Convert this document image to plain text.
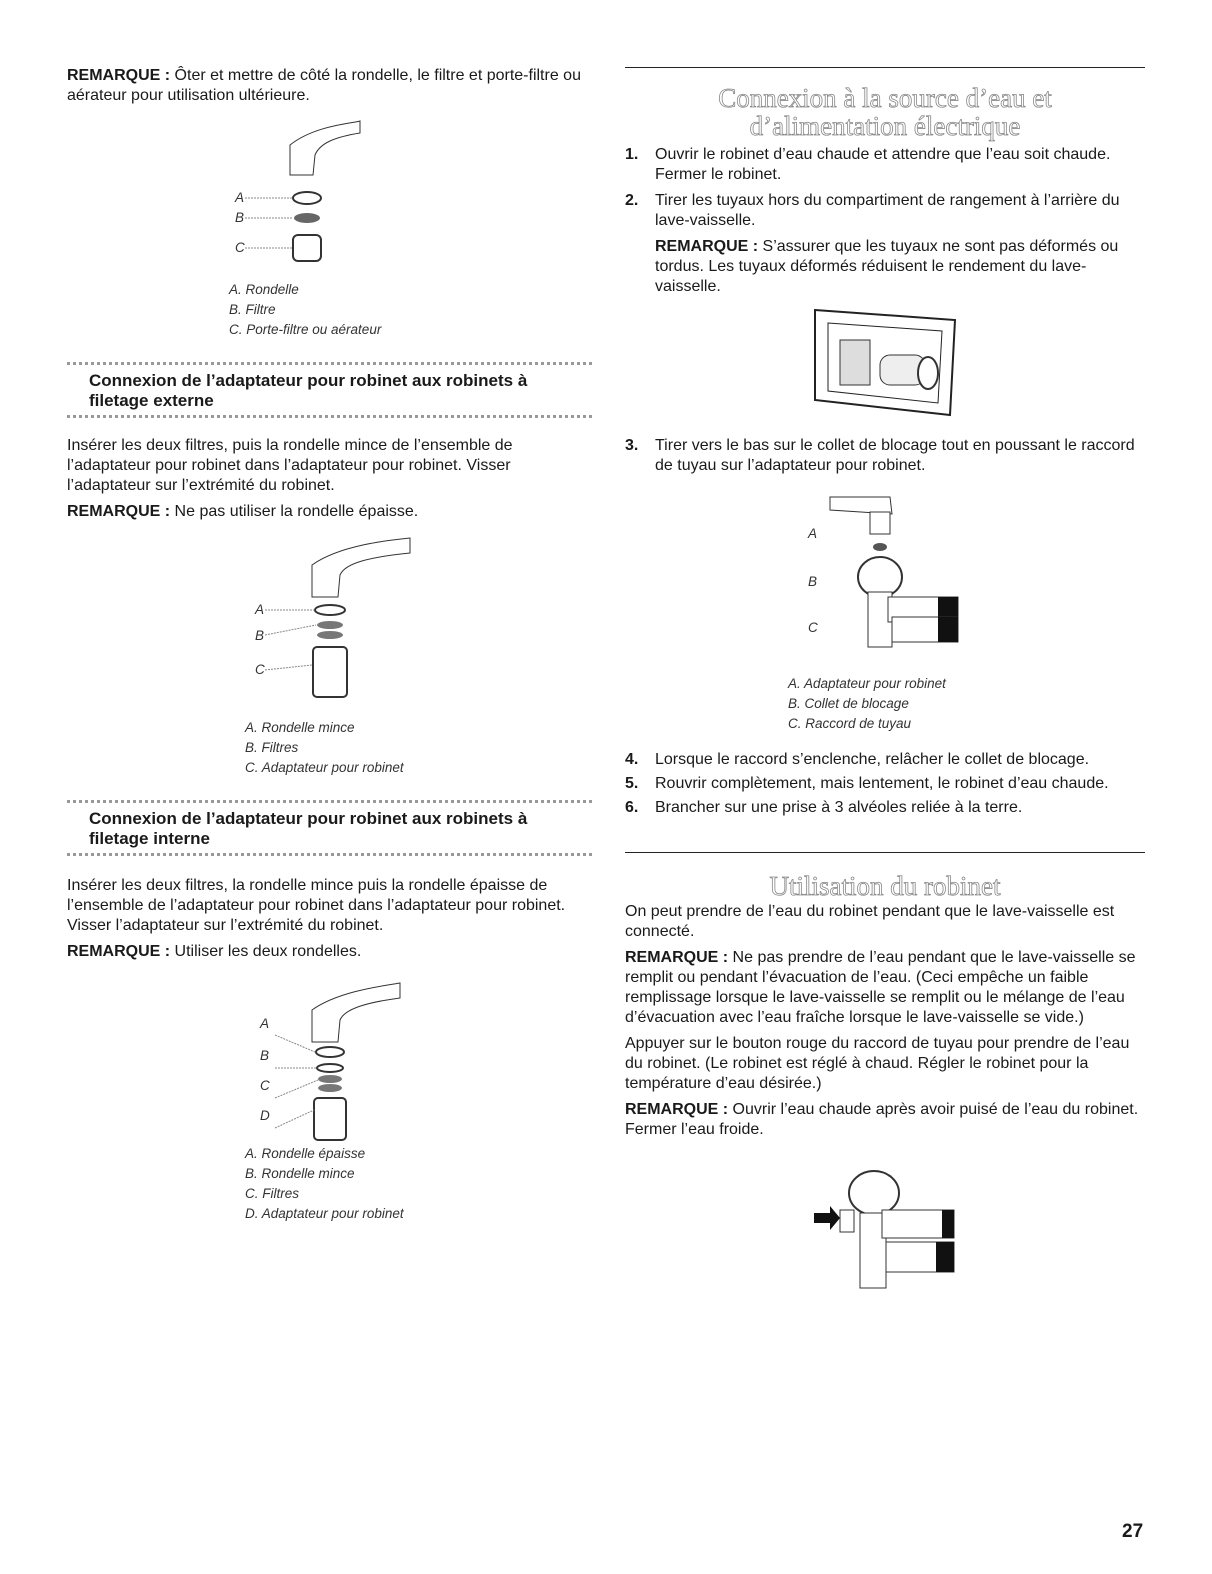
REMARQUE : Ôter et mettre de côté la rondelle, le filtre et porte-filtre ou aérateur pour utilisation ultérieure.

A
B
C
A. Rondelle
B. Filtre
C. Porte-filtre ou aérateur
Connexion de l’adaptateur pour robinet aux robinets à filetage externe

Insérer les deux filtres, puis la rondelle mince de l’ensemble de l’adaptateur pour robinet dans l’adaptateur pour robinet. Visser l’adaptateur sur l’extrémité du robinet.

REMARQUE : Ne pas utiliser la rondelle épaisse.

A
B
C
A. Rondelle mince
B. Filtres
C. Adaptateur pour robinet
Connexion de l’adaptateur pour robinet aux robinets à filetage interne

Insérer les deux filtres, la rondelle mince puis la rondelle épaisse de l’ensemble de l’adaptateur pour robinet dans l’adaptateur pour robinet. Visser l’adaptateur sur l’extrémité du robinet.

REMARQUE : Utiliser les deux rondelles.

A
B
C
D
A. Rondelle épaisse
B. Rondelle mince
C. Filtres
D. Adaptateur pour robinet
Connexion à la source d’eau et d’alimentation électrique
1. Ouvrir le robinet d’eau chaude et attendre que l’eau soit chaude. Fermer le robinet.
2. Tirer les tuyaux hors du compartiment de rangement à l’arrière du lave-vaisselle.

REMARQUE : S’assurer que les tuyaux ne sont pas déformés ou tordus. Les tuyaux déformés réduisent le rendement du lave-vaisselle.

3. Tirer vers le bas sur le collet de blocage tout en poussant le raccord de tuyau sur l’adaptateur pour robinet.
A
B
C
A. Adaptateur pour robinet
B. Collet de blocage
C. Raccord de tuyau
4. Lorsque le raccord s’enclenche, relâcher le collet de blocage.
5. Rouvrir complètement, mais lentement, le robinet d’eau chaude.
6. Brancher sur une prise à 3 alvéoles reliée à la terre.
Utilisation du robinet

On peut prendre de l’eau du robinet pendant que le lave-vaisselle est connecté.

REMARQUE : Ne pas prendre de l’eau pendant que le lave-vaisselle se remplit ou pendant l’évacuation de l’eau. (Ceci empêche un faible remplissage lorsque le lave-vaisselle se remplit ou le mélange de l’eau d’évacuation avec l’eau fraîche lorsque le lave-vaisselle se vide.)

Appuyer sur le bouton rouge du raccord de tuyau pour prendre de l’eau du robinet. (Le robinet est réglé à chaud. Régler le robinet pour la température d’eau désirée.)

REMARQUE : Ouvrir l’eau chaude après avoir puisé de l’eau du robinet. Fermer l’eau froide.

27
